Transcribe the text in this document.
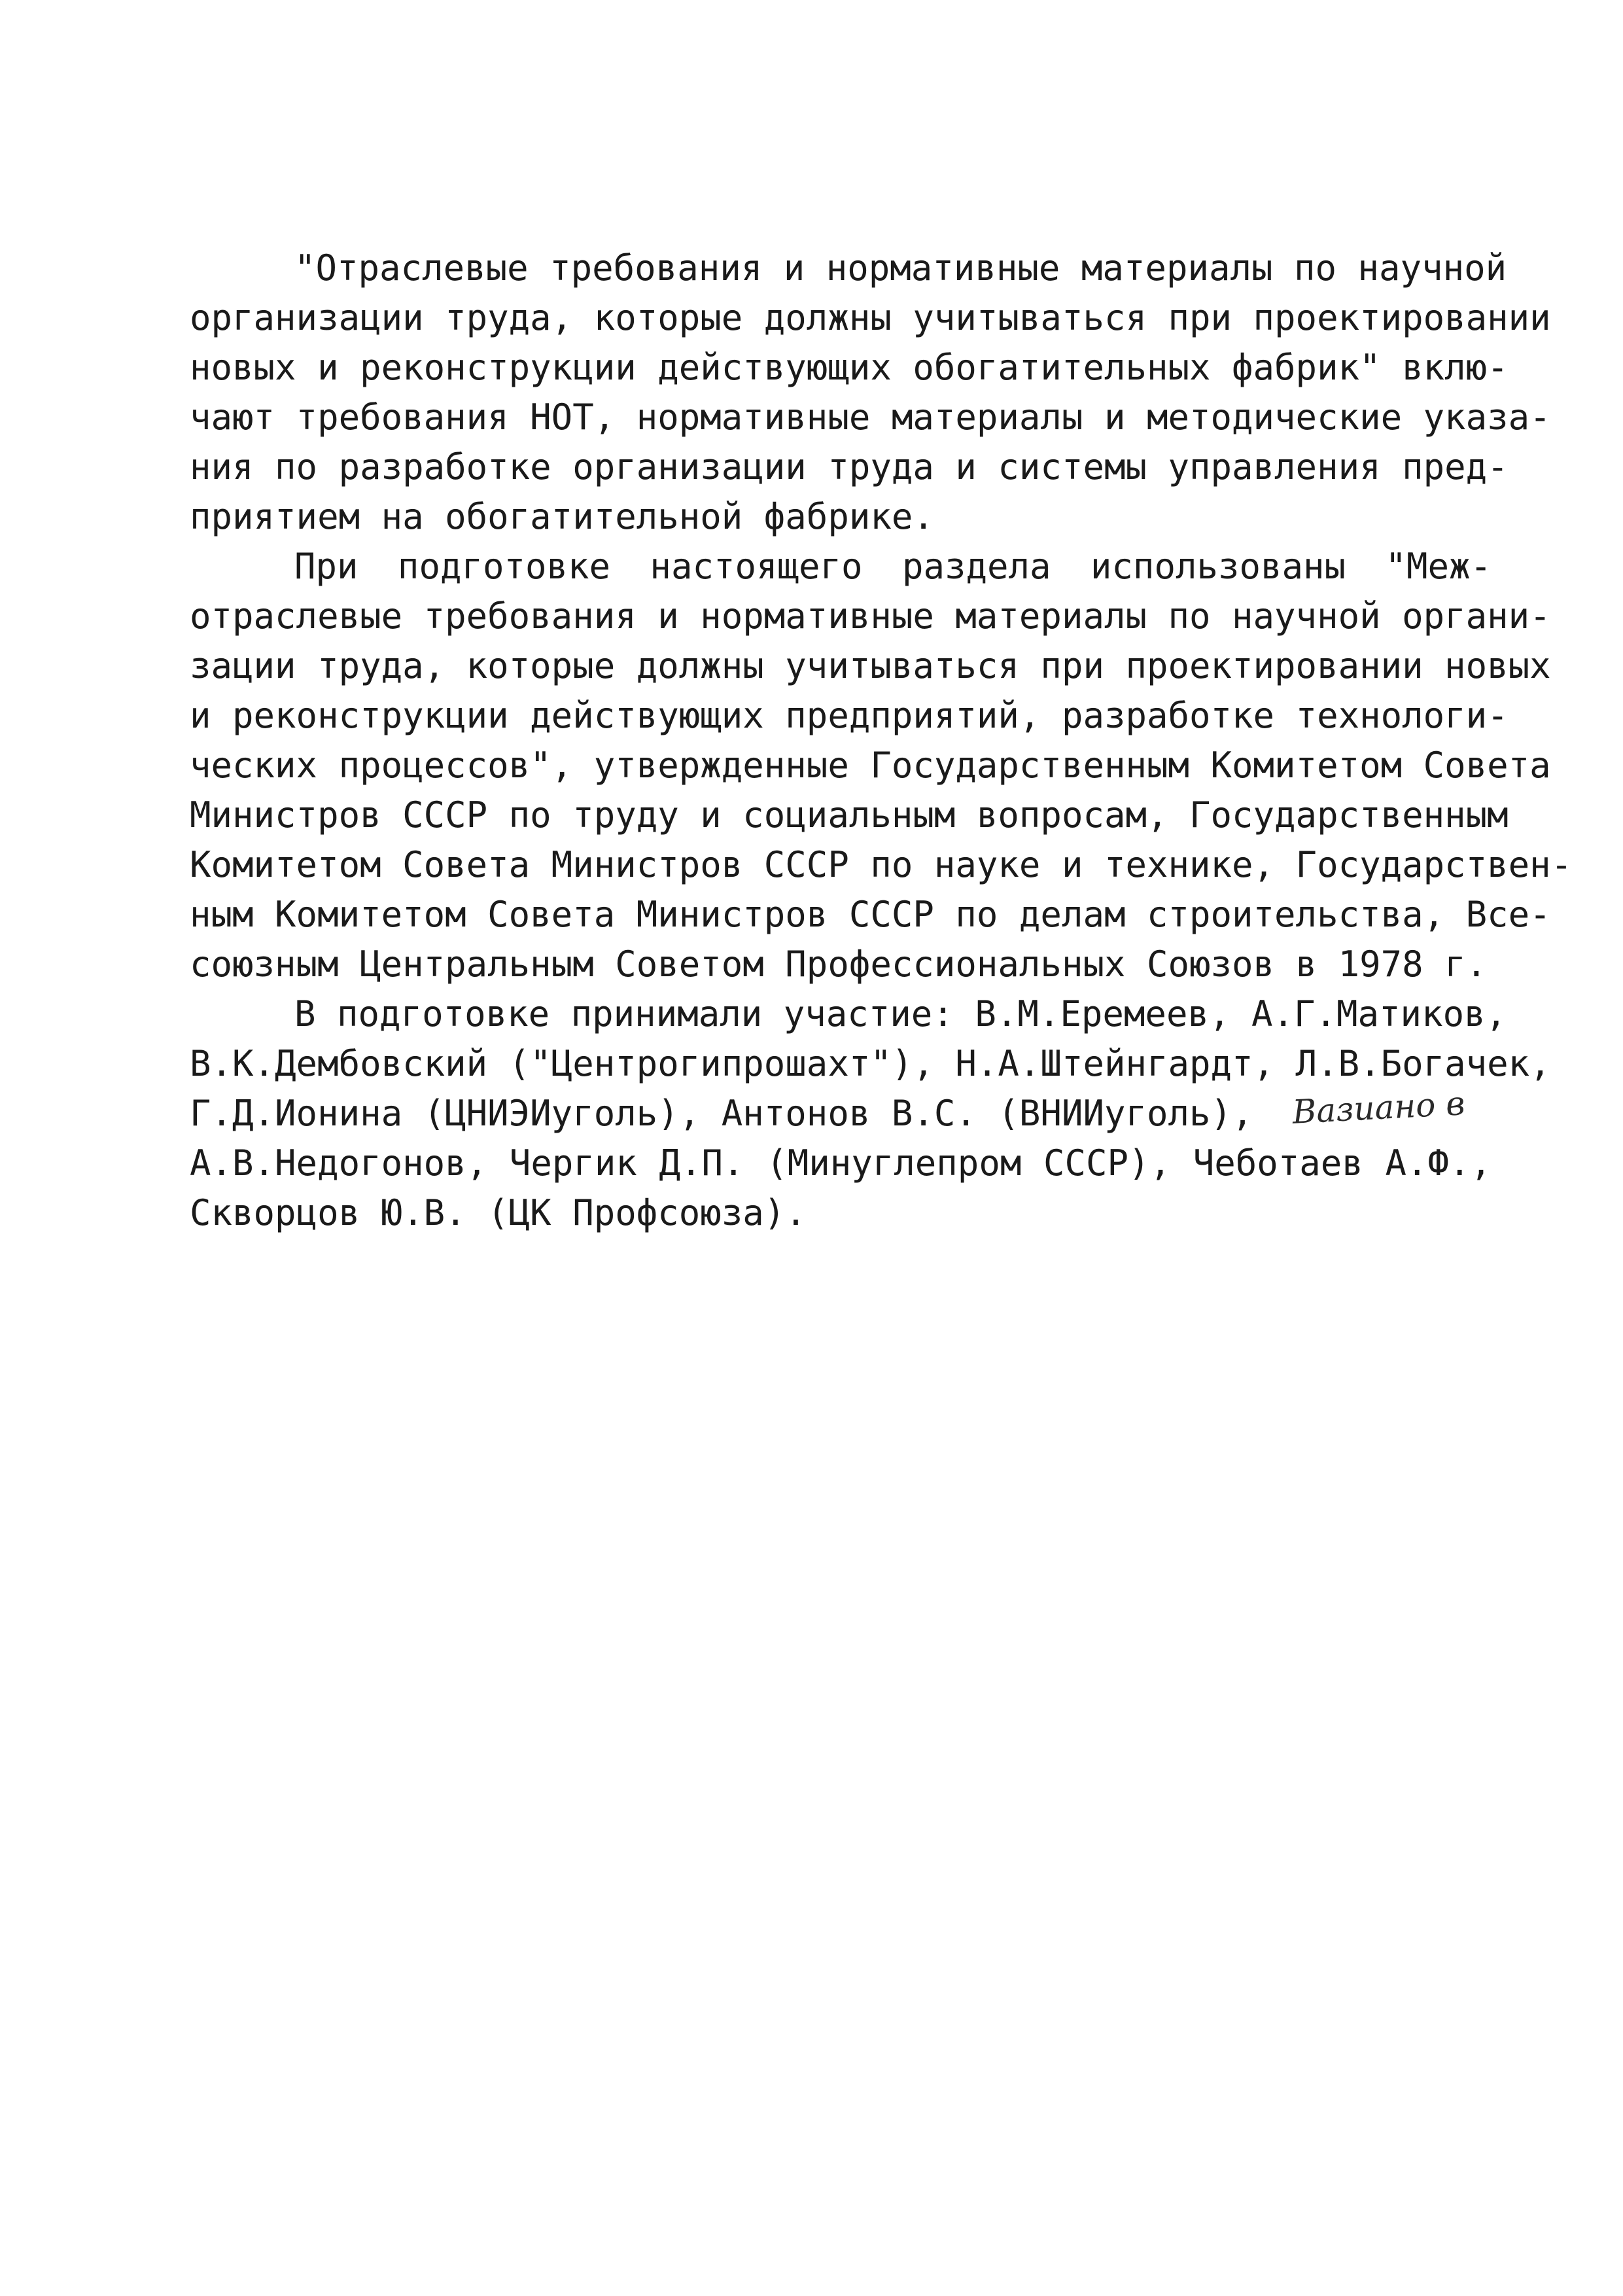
"Отраслевые требования и нормативные материалы по научной
организации труда, которые должны учитываться при проектировании
новых и реконструкции действующих обогатительных фабрик" вклю-
чают требования НОТ, нормативные материалы и методические указа-
ния по разработке организации труда и системы управления пред-
приятием на обогатительной фабрике.
При подготовке настоящего раздела использованы "Меж-
отраслевые требования и нормативные материалы по научной органи-
зации труда, которые должны учитываться при проектировании новых
и реконструкции действующих предприятий, разработке технологи-
ческих процессов", утвержденные Государственным Комитетом Совета
Министров СССР по труду и социальным вопросам, Государственным
Комитетом Совета Министров СССР по науке и технике, Государствен-
ным Комитетом Совета Министров СССР по делам строительства, Все-
союзным Центральным Советом Профессиональных Союзов в 1978 г.
В подготовке принимали участие: В.М.Еремеев, А.Г.Матиков,
В.К.Дембовский ("Центрогипрошахт"), Н.А.Штейнгардт, Л.В.Богачек,
Г.Д.Ионина (ЦНИЭИуголь), Антонов В.С. (ВНИИуголь), Вазиано в
А.В.Недогонов, Чергик Д.П. (Минуглепром СССР), Чеботаев А.Ф.,
Скворцов Ю.В. (ЦК Профсоюза).
